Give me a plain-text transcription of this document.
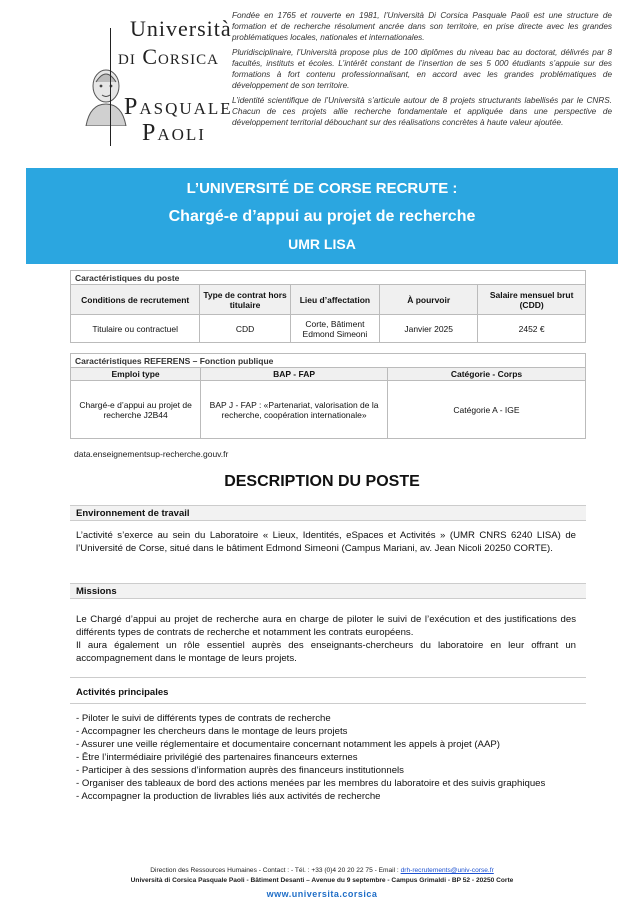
Università
di Corsica
Pasquale
Paoli

Fondée en 1765 et rouverte en 1981, l’Università Di Corsica Pasquale Paoli est une structure de formation et de recherche résolument ancrée dans son territoire, en prise directe avec les grandes problématiques locales, nationales et internationales.

Pluridisciplinaire, l’Università propose plus de 100 diplômes du niveau bac au doctorat, délivrés par 8 facultés, instituts et écoles. L’intérêt constant de l’insertion de ses 5 000 étudiants s’appuie sur des formations à fort contenu professionnalisant, en accord avec les grandes problématiques de développement de son territoire.

L’identité scientifique de l’Università s’articule autour de 8 projets structurants labellisés par le CNRS. Chacun de ces projets allie recherche fondamentale et appliquée dans une perspective de développement territorial débouchant sur des réalisations concrètes à haute valeur ajoutée.

L’UNIVERSITÉ DE CORSE RECRUTE :
Chargé-e d’appui au projet de recherche
UMR LISA
Caractéristiques du poste				
Conditions de recrutement	Type de contrat hors titulaire	Lieu d’affectation	À pourvoir	Salaire mensuel brut (CDD)
Titulaire ou contractuel	CDD	Corte, Bâtiment Edmond Simeoni	Janvier 2025	2452 €
Caractéristiques REFERENS – Fonction publique		
Emploi type	BAP - FAP	Catégorie - Corps
Chargé-e d’appui au projet de recherche J2B44	BAP J - FAP : «Partenariat, valorisation de la recherche, coopération internationale»	Catégorie A - IGE
data.enseignementsup-recherche.gouv.fr
DESCRIPTION DU POSTE
Environnement de travail

L’activité s’exerce au sein du Laboratoire « Lieux, Identités, eSpaces et Activités » (UMR CNRS 6240 LISA) de l’Université de Corse, situé dans le bâtiment Edmond Simeoni (Campus Mariani, av. Jean Nicoli 20250 CORTE).

Missions

Le Chargé d’appui au projet de recherche aura en charge de piloter le suivi de l’exécution et des justifications des différents types de contrats de recherche et notamment les contrats européens.

Il aura également un rôle essentiel auprès des enseignants-chercheurs du laboratoire en leur offrant un accompagnement dans le montage de leurs projets.

Activités principales
- Piloter le suivi de différents types de contrats de recherche
- Accompagner les chercheurs dans le montage de leurs projets
- Assurer une veille réglementaire et documentaire concernant notamment les appels à projet (AAP)
- Être l’intermédiaire privilégié des partenaires financeurs externes
- Participer à des sessions d’information auprès des financeurs institutionnels
- Organiser des tableaux de bord des actions menées par les membres du laboratoire et des suivis graphiques
- Accompagner la production de livrables liés aux activités de recherche
Direction des Ressources Humaines - Contact : - Tél. : +33 (0)4 20 20 22 75 - Email : drh-recrutements@univ-corse.fr
Università di Corsica Pasquale Paoli - Bâtiment Desanti – Avenue du 9 septembre - Campus Grimaldi - BP 52 - 20250 Corte
www.universita.corsica
